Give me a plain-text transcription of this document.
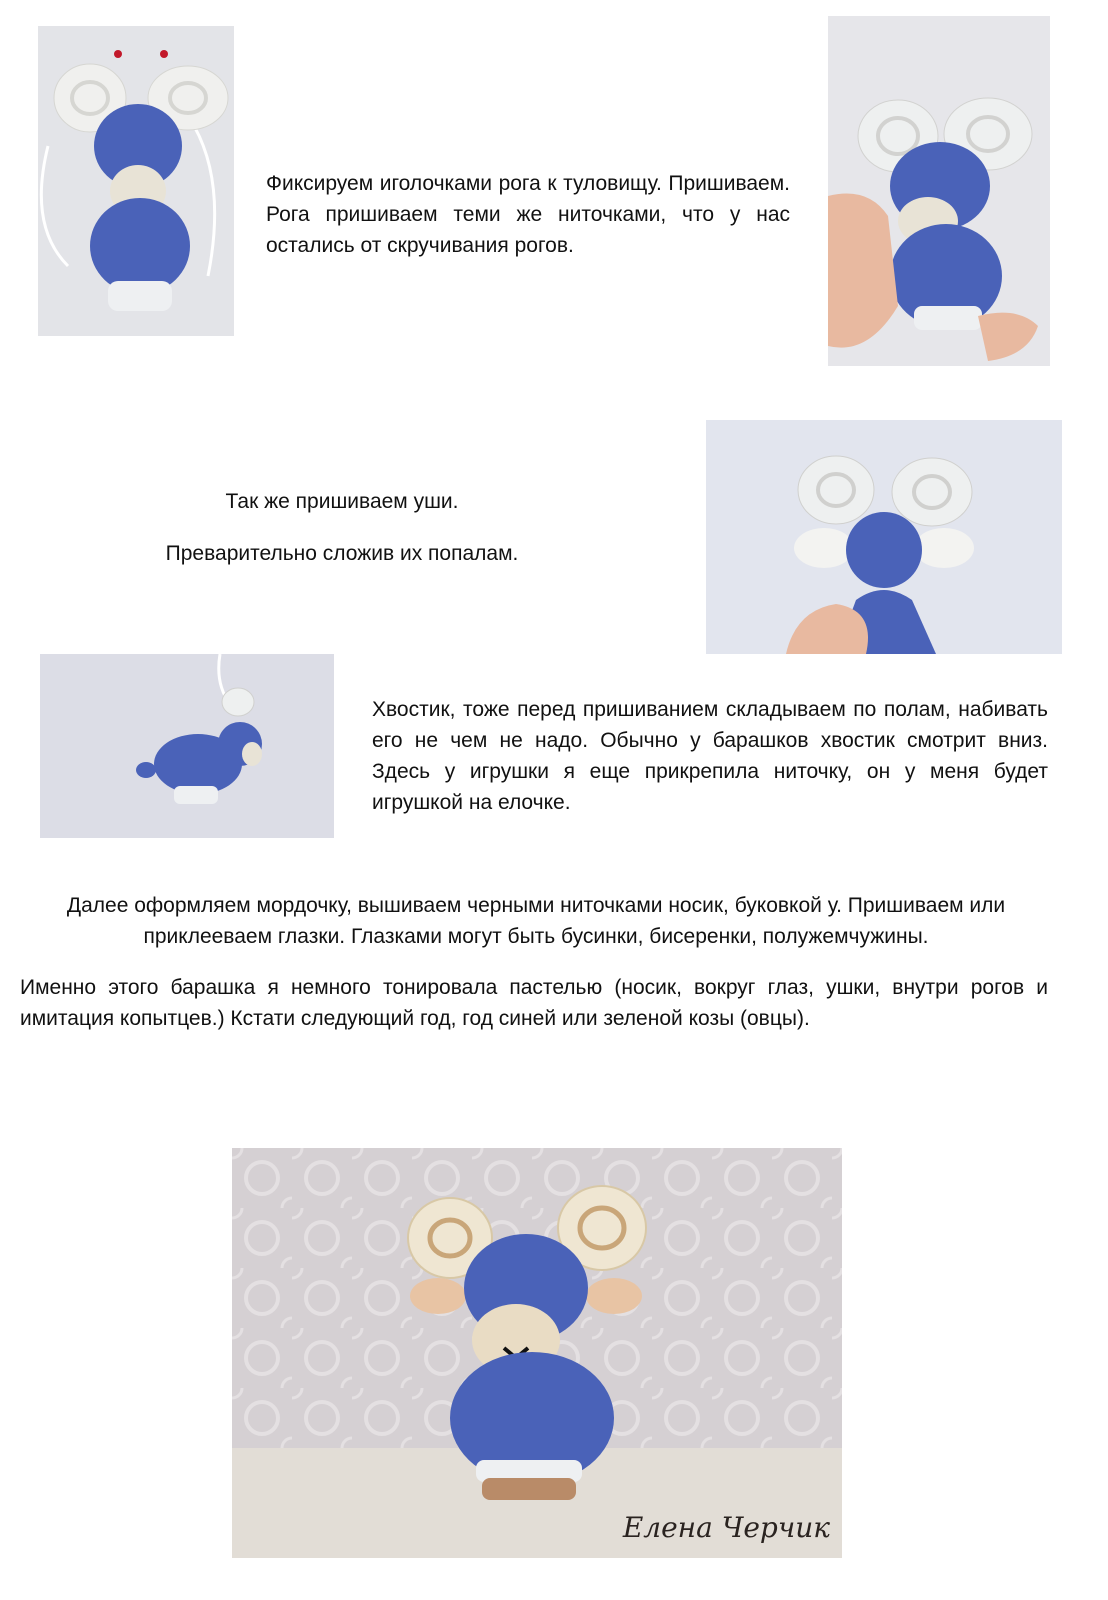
Фиксируем иголочками рога к туловищу. Пришиваем. Рога пришиваем теми же ниточками, что у нас остались от скручивания рогов.

Так же пришиваем уши.

Преварительно сложив их попалам.

Хвостик, тоже перед пришиванием складываем по полам, набивать его не чем не надо. Обычно у барашков хвостик смотрит вниз. Здесь у игрушки я еще прикрепила ниточку, он у меня будет игрушкой на елочке.

Далее оформляем мордочку, вышиваем черными ниточками носик, буковкой у. Пришиваем или приклееваем глазки. Глазками могут быть бусинки, бисеренки, полужемчужины.

Именно этого барашка я немного тонировала пастелью (носик, вокруг глаз, ушки, внутри рогов и имитация копытцев.) Кстати следующий год, год синей или зеленой козы (овцы).

Елена Черчик
